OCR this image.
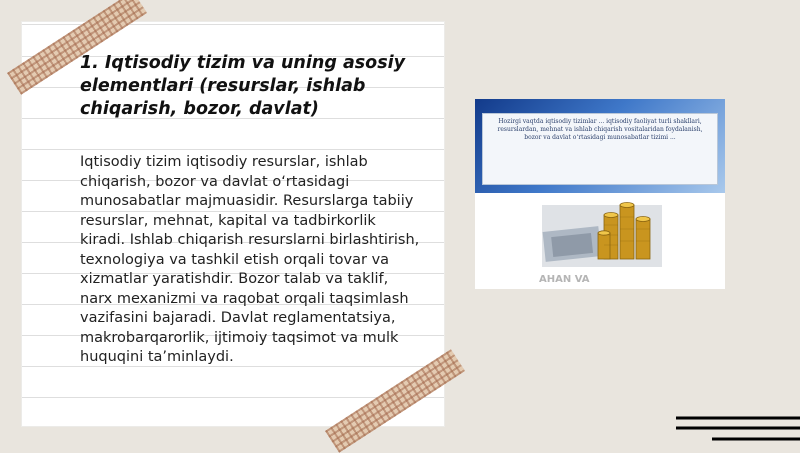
1. Iqtisodiy tizim va uning asosiy elementlari (resurslar, ishlab chiqarish, bozor, davlat)

Iqtisodiy tizim iqtisodiy resurslar, ishlab chiqarish, bozor va davlat o‘rtasidagi munosabatlar majmuasidir. Resurslarga tabiiy resurslar, mehnat, kapital va tadbirkorlik kiradi. Ishlab chiqarish resurslarni birlashtirish, texnologiya va tashkil etish orqali tovar va xizmatlar yaratishdir. Bozor talab va taklif, narx mexanizmi va raqobat orqali taqsimlash vazifasini bajaradi. Davlat reglamentatsiya, makrobarqarorlik, ijtimoiy taqsimot va mulk huquqini ta’minlaydi.

Hozirgi vaqtda iqtisodiy tizimlar ... iqtisodiy faoliyat turli shakllari, resurslardan, mehnat va ishlab chiqarish vositalaridan foydalanish, bozor va davlat o‘rtasidagi munosabatlar tizimi ...

AHAN VA
